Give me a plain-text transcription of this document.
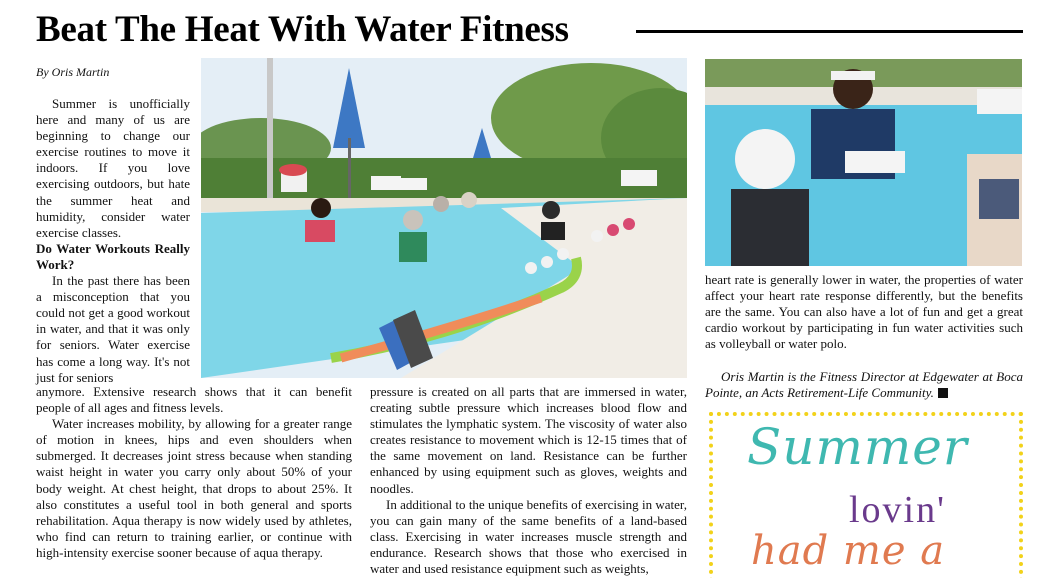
Beat The Heat With Water Fitness
By Oris Martin

Summer is unofficially here and many of us are beginning to change our exercise routines to move it indoors. If you love exercising outdoors, but hate the summer heat and humidity, consider water exercise classes.

Do Water Workouts Really Work?

In the past there has been a misconception that you could not get a good workout in water, and that it was only for seniors. Water exercise has come a long way. It's not just for seniors

anymore. Extensive research shows that it can benefit people of all ages and fitness levels.

Water increases mobility, by allowing for a greater range of motion in knees, hips and even shoulders when submerged. It decreases joint stress because when standing waist height in water you carry only about 50% of your body weight. At chest height, that drops to about 25%. It also constitutes a useful tool in both general and sports rehabilitation. Aqua therapy is now widely used by athletes, who find can return to training earlier, or continue with high-intensity exercise sooner because of aqua therapy.

pressure is created on all parts that are immersed in water, creating subtle pressure which increases blood flow and stimulates the lymphatic system. The viscosity of water also creates resistance to movement which is 12-15 times that of the same movement on land. Resistance can be further enhanced by using equipment such as gloves, weights and noodles.

In additional to the unique benefits of exercising in water, you can gain many of the same benefits of a land-based class. Exercising in water increases muscle strength and endurance. Research shows that those who exercised in water and used resistance equipment such as weights,

heart rate is generally lower in water, the properties of water affect your heart rate response differently, but the benefits are the same. You can also have a lot of fun and get a great cardio workout by participating in fun water activities such as volleyball or water polo.

Oris Martin is the Fitness Director at Edgewater at Boca Pointe, an Acts Retirement-Life Community.

Summer
lovin'
had me a
